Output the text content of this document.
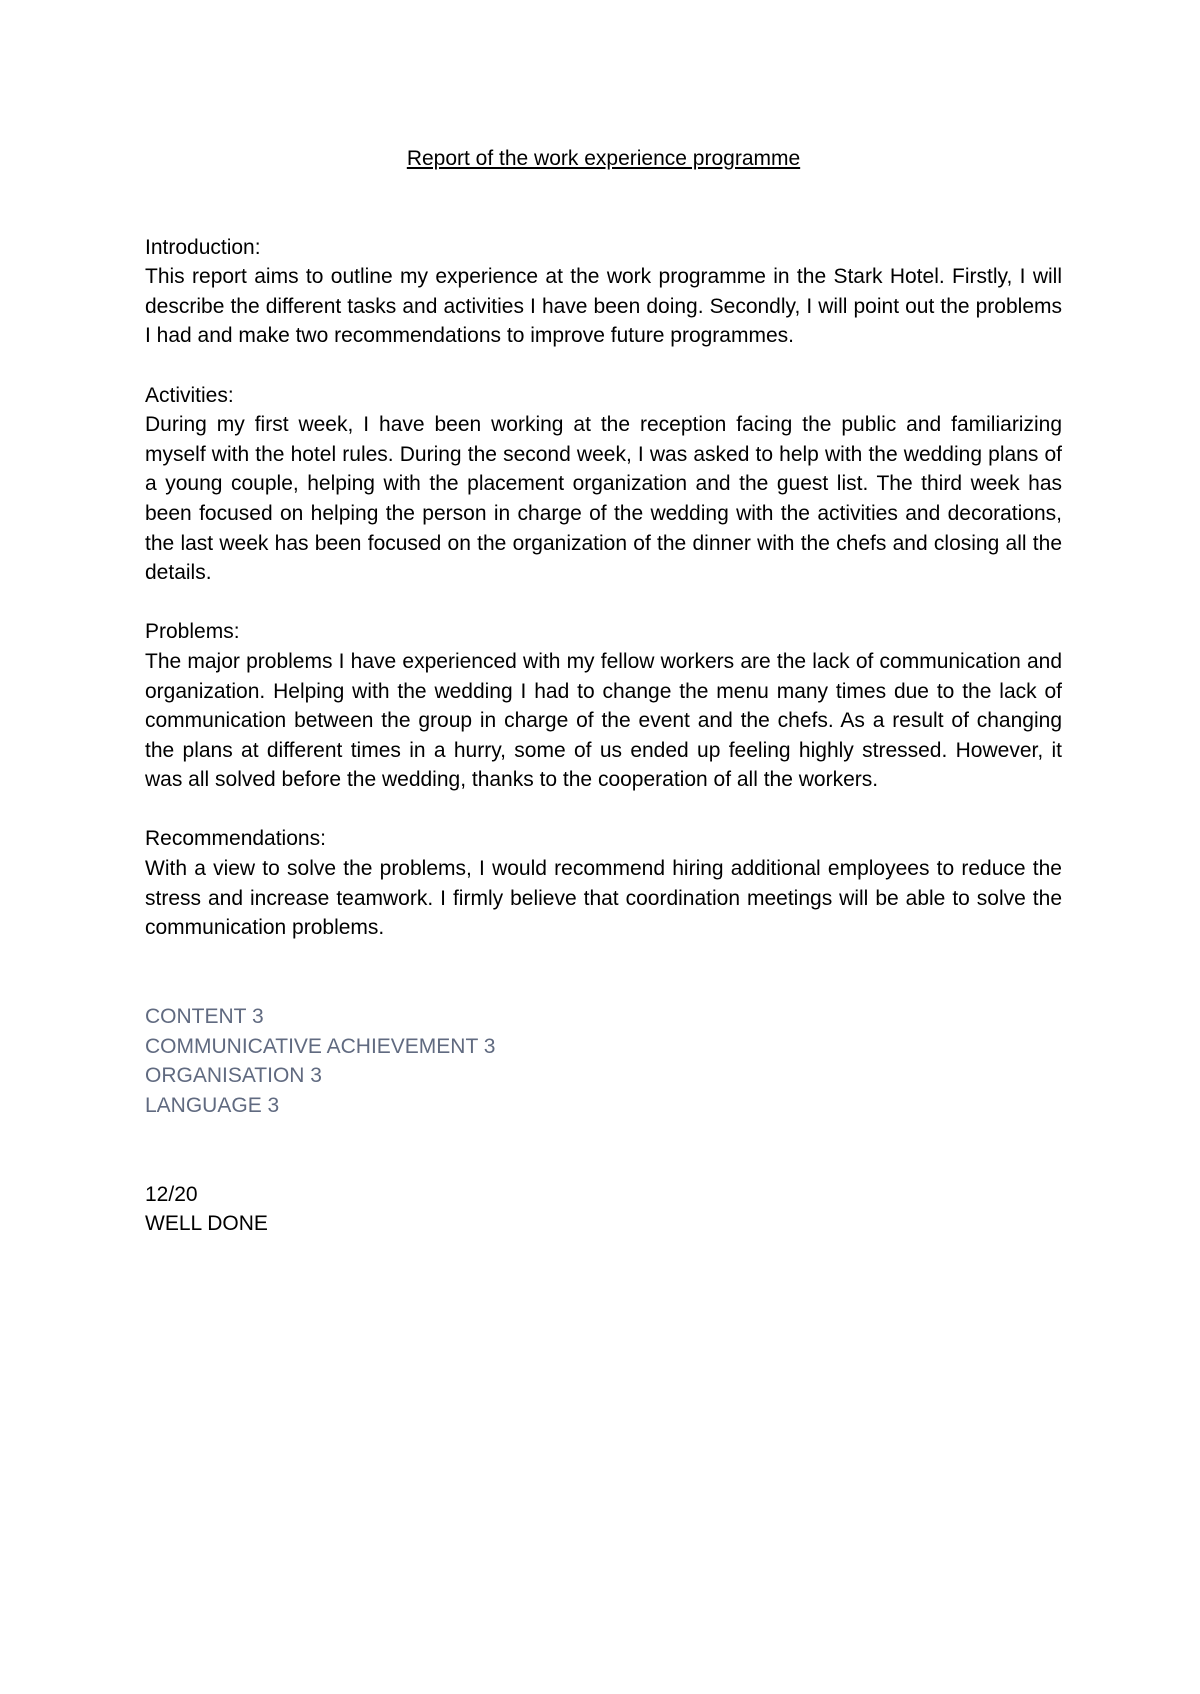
Report of the work experience programme

Introduction:

This report aims to outline my experience at the work programme in the Stark Hotel. Firstly, I will describe the different tasks and activities I have been doing. Secondly, I will point out the problems I had and make two recommendations to improve future programmes.

Activities:

During my first week, I have been working at the reception facing the public and familiarizing myself with the hotel rules. During the second week, I was asked to help with the wedding plans of a young couple, helping with the placement organization and the guest list. The third week has been focused on helping the person in charge of the wedding with the activities and decorations, the last week has been focused on the organization of the dinner with the chefs and closing all the details.

Problems:

The major problems I have experienced with my fellow workers are the lack of communication and organization. Helping with the wedding I had to change the menu many times due to the lack of communication between the group in charge of the event and the chefs. As a result of changing the plans at different times in a hurry, some of us ended up feeling highly stressed. However, it was all solved before the wedding, thanks to the cooperation of all the workers.

Recommendations:

With a view to solve the problems, I would recommend hiring additional employees to reduce the stress and increase teamwork. I firmly believe that coordination meetings will be able to solve the communication problems.

CONTENT 3
COMMUNICATIVE ACHIEVEMENT 3
ORGANISATION 3
LANGUAGE 3
12/20
WELL DONE
